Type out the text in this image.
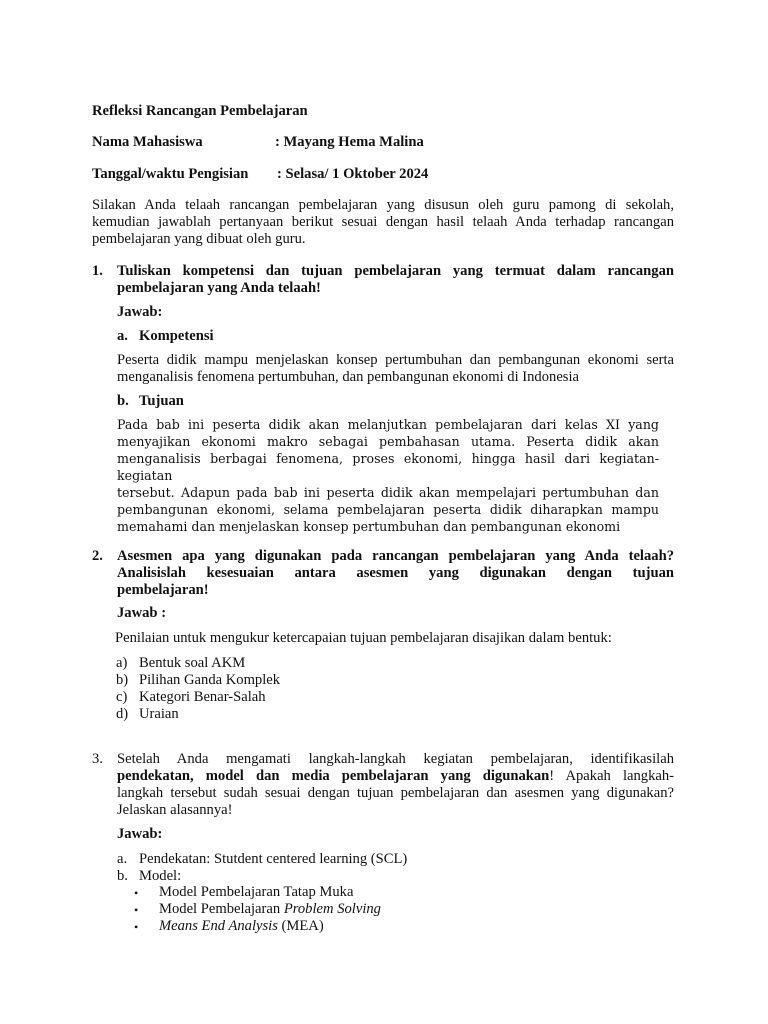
Refleksi Rancangan Pembelajaran
Nama Mahasiswa	: Mayang Hema Malina
Tanggal/waktu Pengisian : Selasa/ 1 Oktober 2024
Silakan Anda telaah rancangan pembelajaran yang disusun oleh guru pamong di sekolah,
kemudian jawablah pertanyaan berikut sesuai dengan hasil telaah Anda terhadap rancangan
pembelajaran yang dibuat oleh guru.
1. Tuliskan kompetensi dan tujuan pembelajaran yang termuat dalam rancangan
pembelajaran yang Anda telaah!
Jawab:
a. Kompetensi
Peserta didik mampu menjelaskan konsep pertumbuhan dan pembangunan ekonomi serta
menganalisis fenomena pertumbuhan, dan pembangunan ekonomi di Indonesia
b. Tujuan
Pada bab ini peserta didik akan melanjutkan pembelajaran dari kelas XI yang
menyajikan ekonomi makro sebagai pembahasan utama. Peserta didik akan
menganalisis berbagai fenomena, proses ekonomi, hingga hasil dari kegiatan-kegiatan
tersebut. Adapun pada bab ini peserta didik akan mempelajari pertumbuhan dan
pembangunan ekonomi, selama pembelajaran peserta didik diharapkan mampu
memahami dan menjelaskan konsep pertumbuhan dan pembangunan ekonomi
2. Asesmen apa yang digunakan pada rancangan pembelajaran yang Anda telaah?
Analisislah kesesuaian antara asesmen yang digunakan dengan tujuan
pembelajaran!
Jawab :
Penilaian untuk mengukur ketercapaian tujuan pembelajaran disajikan dalam bentuk:
a) Bentuk soal AKM
b) Pilihan Ganda Komplek
c) Kategori Benar-Salah
d) Uraian
3. Setelah Anda mengamati langkah-langkah kegiatan pembelajaran, identifikasilah
pendekatan, model dan media pembelajaran yang digunakan! Apakah langkah-
langkah tersebut sudah sesuai dengan tujuan pembelajaran dan asesmen yang digunakan?
Jelaskan alasannya!
Jawab:
a. Pendekatan: Stutdent centered learning (SCL)
b. Model:
• Model Pembelajaran Tatap Muka
• Model Pembelajaran Problem Solving
• Means End Analysis (MEA)
